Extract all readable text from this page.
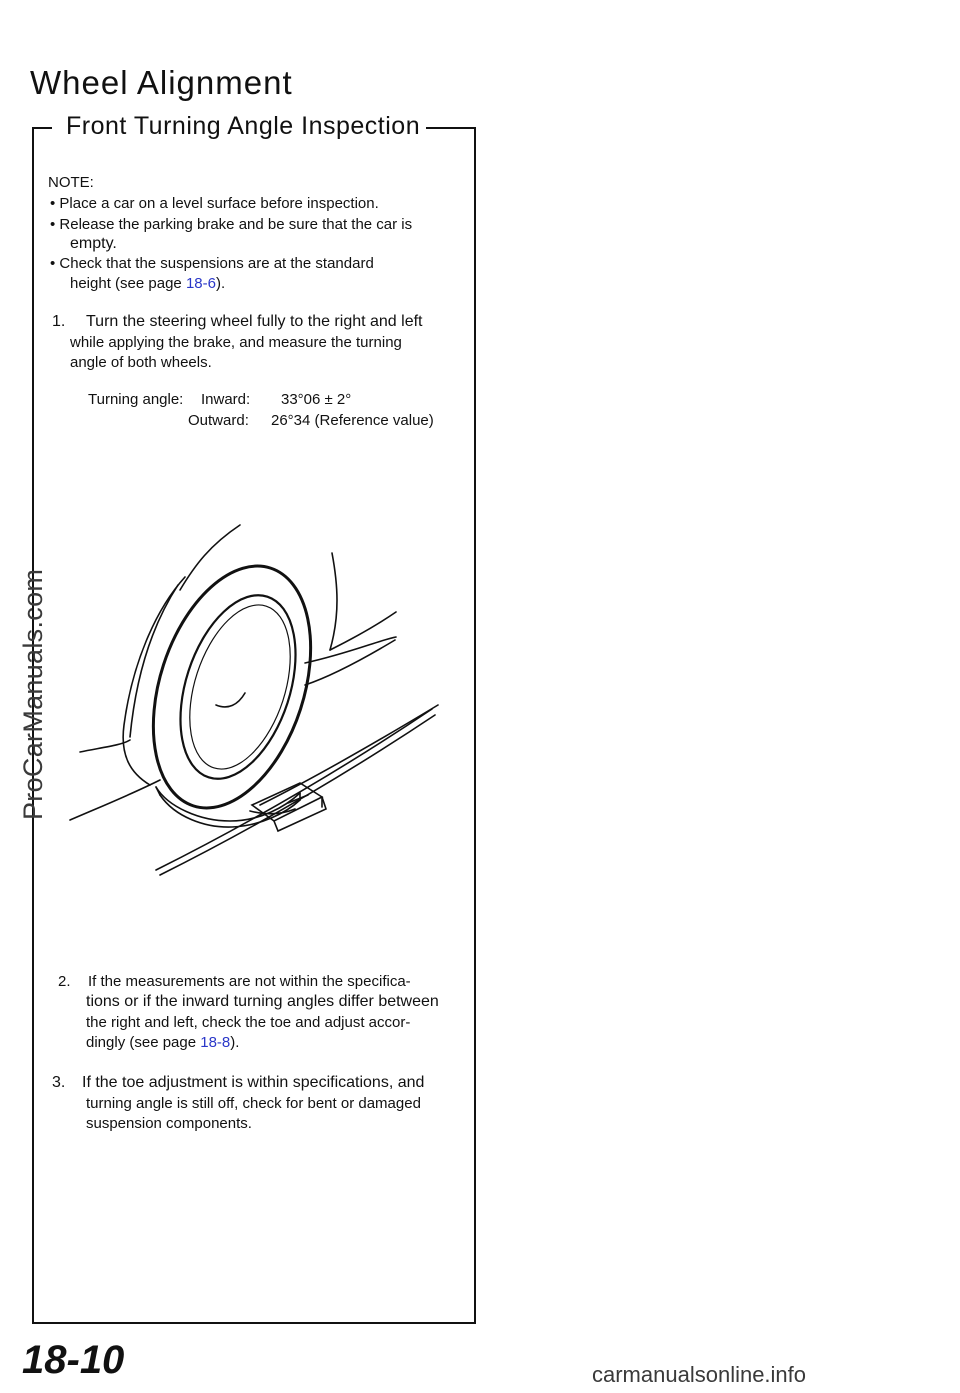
Wheel Alignment
Front Turning Angle Inspection
NOTE:
• Place a car on a level surface before inspection.
• Release the parking brake and be sure that the car is
empty.
• Check that the suspensions are at the standard
height (see page 18-6).
1. Turn the steering wheel fully to the right and left
while applying the brake, and measure the turning
angle of both wheels.
Turning angle: Inward: 33°06 ± 2°
Outward: 26°34 (Reference value)
2. If the measurements are not within the specifica-
tions or if the inward turning angles differ between
the right and left, check the toe and adjust accor-
dingly (see page 18-8).
3. If the toe adjustment is within specifications, and
turning angle is still off, check for bent or damaged
suspension components.
ProCarManuals.com
18-10	carmanualsonline.info
